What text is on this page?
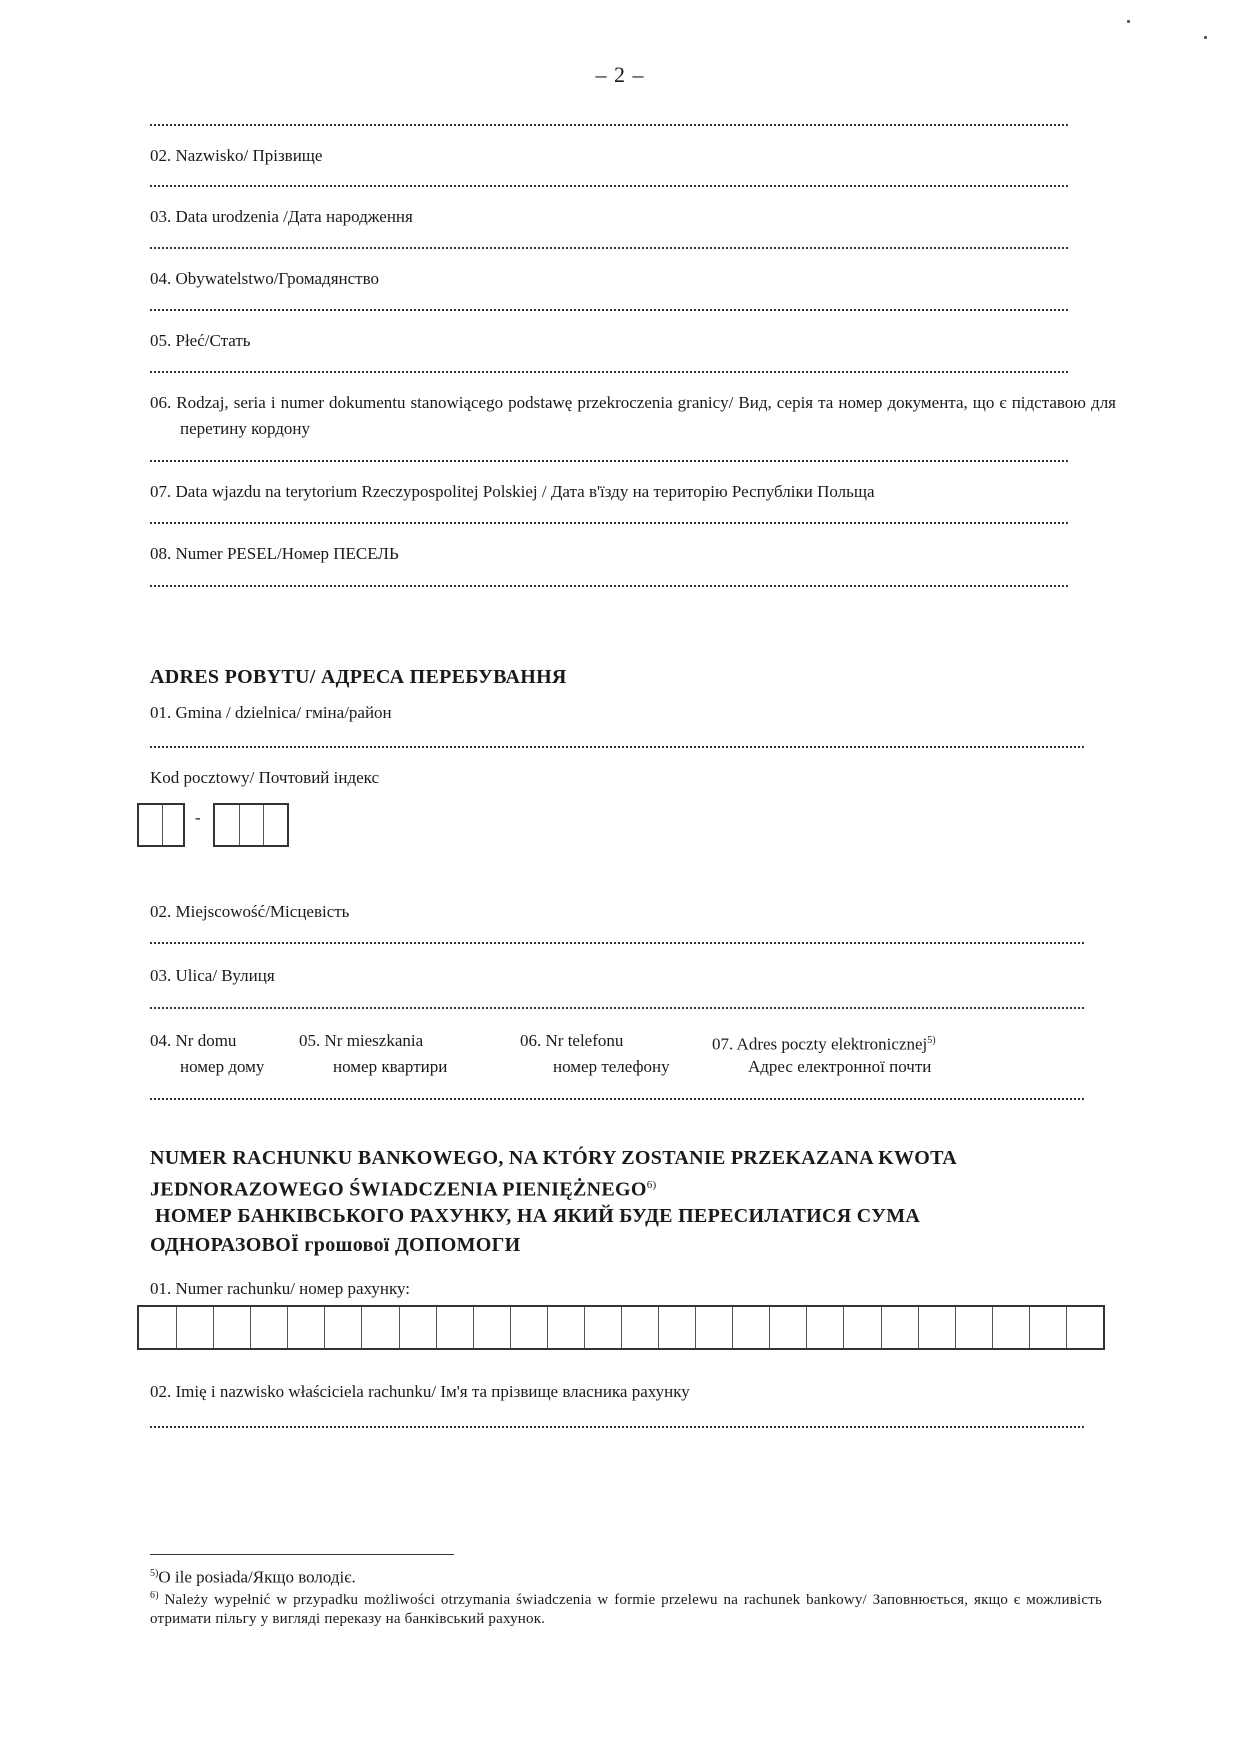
– 2 –
02. Nazwisko/ Прізвище
03. Data urodzenia /Дата народження
04. Obywatelstwo/Громадянство
05. Płeć/Стать
06. Rodzaj, seria i numer dokumentu stanowiącego podstawę przekroczenia granicy/ Вид, серія та номер документа, що є підставою для перетину кордону
07. Data wjazdu na terytorium Rzeczypospolitej Polskiej / Дата в'їзду на територію Республіки Польща
08. Numer PESEL/Номер ПЕСЕЛЬ
ADRES POBYTU/ АДРЕСА ПЕРЕБУВАННЯ
01. Gmina / dzielnica/ гміна/район
Kod pocztowy/ Почтовий індекс
-
02. Miejscowość/Місцевість
03. Ulica/ Вулиця
04. Nr domu
номер дому
05. Nr mieszkania
номер квартири
06. Nr telefonu
номер телефону
07. Adres poczty elektronicznej$^{5)}$
Адрес електронної почти
NUMER RACHUNKU BANKOWEGO, NA KTÓRY ZOSTANIE PRZEKAZANA KWOTA
JEDNORAZOWEGO ŚWIADCZENIA PIENIĘŻNEGO$^{6)}$
НОМЕР БАНКІВСЬКОГО РАХУНКУ, НА ЯКИЙ БУДЕ ПЕРЕСИЛАТИСЯ СУМА
ОДНОРАЗОВОЇ грошової ДОПОМОГИ
01. Numer rachunku/ номер рахунку:
02. Imię i nazwisko właściciela rachunku/ Ім'я та прізвище власника рахунку
$^{5)}$O ile posiada/Якщо володіє.
$^{6)}$ Należy wypełnić w przypadku możliwości otrzymania świadczenia w formie przelewu na rachunek bankowy/ Заповнюється, якщо є можливість отримати пільгу у вигляді переказу на банківський рахунок.
